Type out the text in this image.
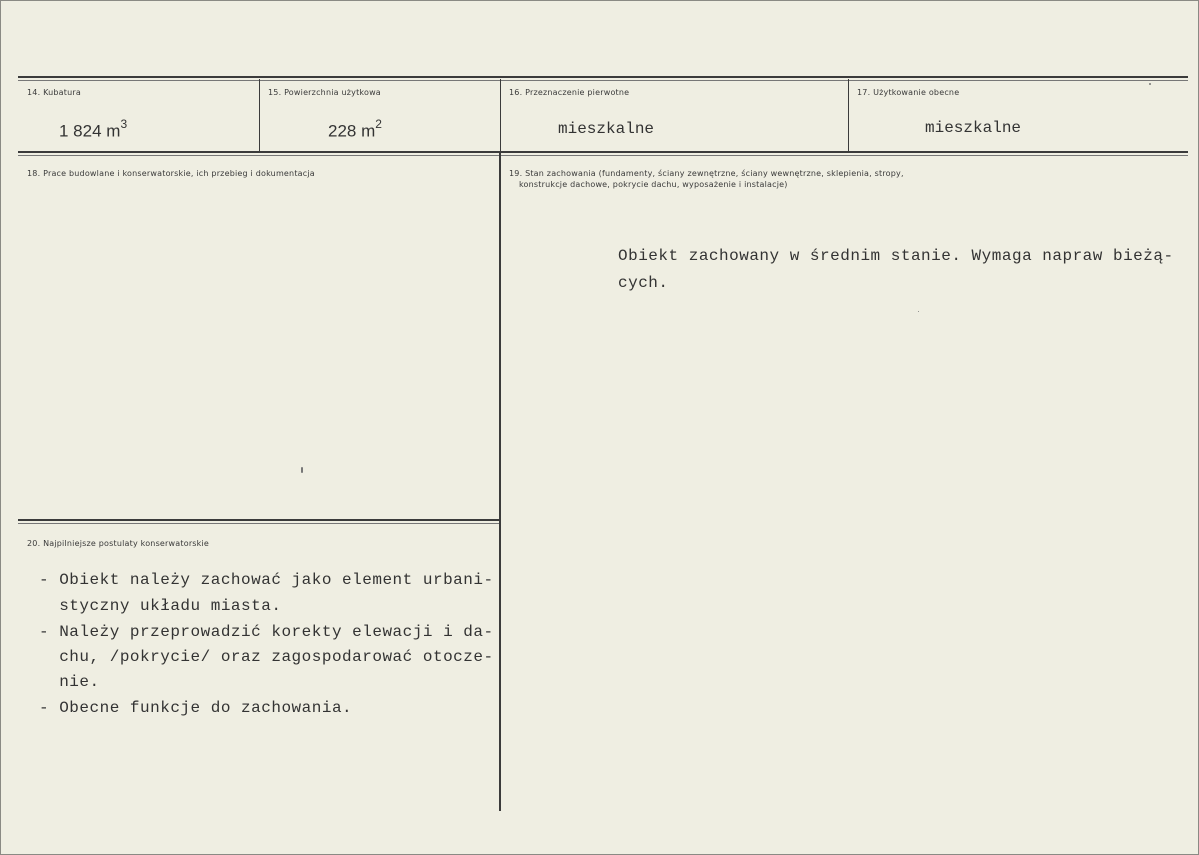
14. Kubatura
1 824 $m^3$
15. Powierzchnia użytkowa
228 $m^2$
16. Przeznaczenie pierwotne
mieszkalne
17. Użytkowanie obecne
mieszkalne
18. Prace budowlane i konserwatorskie, ich przebieg i dokumentacja	19. Stan zachowania (fundamenty, ściany zewnętrzne, ściany wewnętrzne, sklepienia, stropy,
konstrukcje dachowe, pokrycie dachu, wyposażenie i instalacje)
Obiekt zachowany w średnim stanie. Wymaga napraw bieżą-
cych.
20. Najpilniejsze postulaty konserwatorskie
- Obiekt należy zachować jako element urbani-
styczny układu miasta.
- Należy przeprowadzić korekty elewacji i da-
chu, /pokrycie/ oraz zagospodarować otocze-
nie.
- Obecne funkcje do zachowania.
